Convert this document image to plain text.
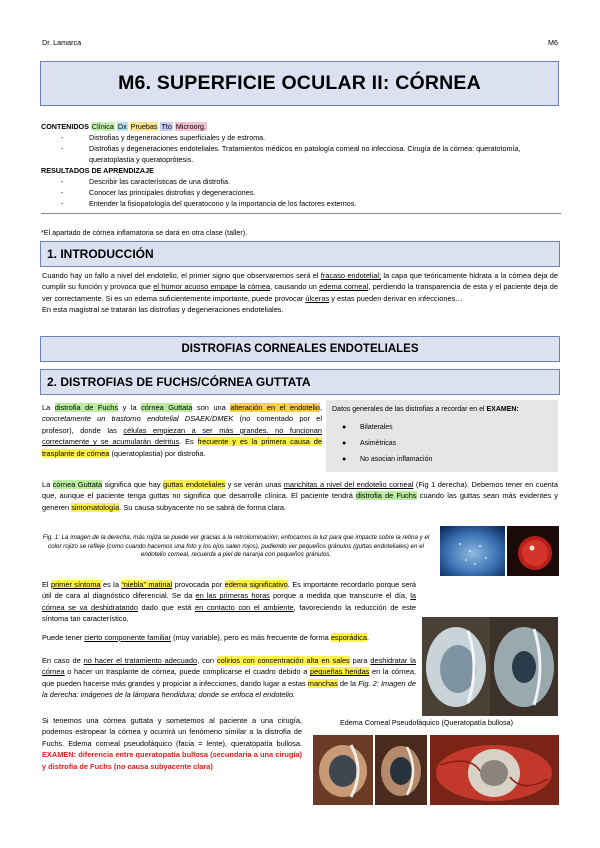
Dr. Lamarca	M6
M6. SUPERFICIE OCULAR II: CÓRNEA
CONTENIDOS Clínica Dx Pruebas Tto Microorg.
- Distrofias y degeneraciones superficiales y de estroma.
- Distrofias y degeneraciones endoteliales. Tratamientos médicos en patología corneal no infecciosa. Cirugía de la córnea: queratotomía, queratoplastia y queratoprótesis.
RESULTADOS DE APRENDIZAJE
- Describir las características de una distrofia.
- Conocer las principales distrofias y degeneraciones.
- Entender la fisiopatología del queratocono y la importancia de los factores externos.
*El apartado de córnea inflamatoria se dará en otra clase (taller).
1. INTRODUCCIÓN
Cuando hay un fallo a nivel del endotelio, el primer signo que observaremos será el fracaso endotelial; la capa que teóricamente hidrata a la córnea deja de cumplir su función y provoca que el humor acuoso empape la córnea, causando un edema corneal, perdiendo la transparencia de esta y el paciente deja de ver correctamente. Si es un edema suficientemente importante, puede provocar úlceras y estas pueden derivar en infecciones…
En esta magistral se tratarán las distrofias y degeneraciones endoteliales.
DISTROFIAS CORNEALES ENDOTELIALES
2. DISTROFIAS DE FUCHS/CÓRNEA GUTTATA
Datos generales de las distrofias a recordar en el EXAMEN:
● Bilaterales
● Asimétricas
● No asocian inflamación
La distrofia de Fuchs y la córnea Guttata son una alteración en el endotelio, concretamente un trastorno endotelial DSAEK/DMEK (no comentado por el profesor), donde las células empiezan a ser más grandes, no funcionan correctamente y se acumularán detritus. Es frecuente y es la primera causa de trasplante de córnea (queratoplastia) por distrofia.
La córnea Guttata significa que hay guttas endoteliales y se verán unas manchitas a nivel del endotelio corneal (Fig 1 derecha). Debemos tener en cuenta que, aunque el paciente tenga guttas no significa que desarrolle clínica. El paciente tendrá distrofia de Fuchs cuando las guttas sean más evidentes y generen sintomatología. Su causa subyacente no se sabrá de forma clara.
Fig. 1: La imagen de la derecha, más rojiza se puede ver gracias a la retroiluminación; enfocamos la luz para que impacte sobre la retina y el color rojizo se refleje (como cuando hacemos una foto y los ojos salen rojos), pudiendo ver pequeños gránulos (guttas endoteliales) en el endotelio corneal, recuerda a piel de naranja con pequeños gránulos.
El primer síntoma es la “niebla” matinal provocada por edema significativo. Es importante recordarlo porque será útil de cara al diagnóstico diferencial. Se da en las primeras horas porque a medida que transcurre el día, la córnea se va deshidratando dado que está en contacto con el ambiente, favoreciendo la reducción de este síntoma tan característico.
Puede tener cierto componente familiar (muy variable), pero es más frecuente de forma esporádica.
En caso de no hacer el tratamiento adecuado, con colirios con concentración alta en sales para deshidratar la córnea o hacer un trasplante de córnea, puede complicarse el cuadro debido a pequeñas heridas en la córnea, que pueden hacerse más grandes y propiciar a infecciones, dando lugar a estas manchas de la Fig. 2: Imagen de la derecha: imágenes de la lámpara hendidura; donde se enfoca el endotelio.
Si tenemos una córnea guttata y sometemos al paciente a una cirugía, podemos estropear la córnea y ocurrirá un fenómeno similar a la distrofia de Fuchs. Edema corneal pseudofáquico (facia = lente), queratopatía bullosa. EXAMEN: diferencia entre queratopatía bullosa (secundaria a una cirugía) y distrofia de Fuchs (no causa subyacente clara)
Edema Corneal Pseudofáquico (Queratopatía bullosa)
